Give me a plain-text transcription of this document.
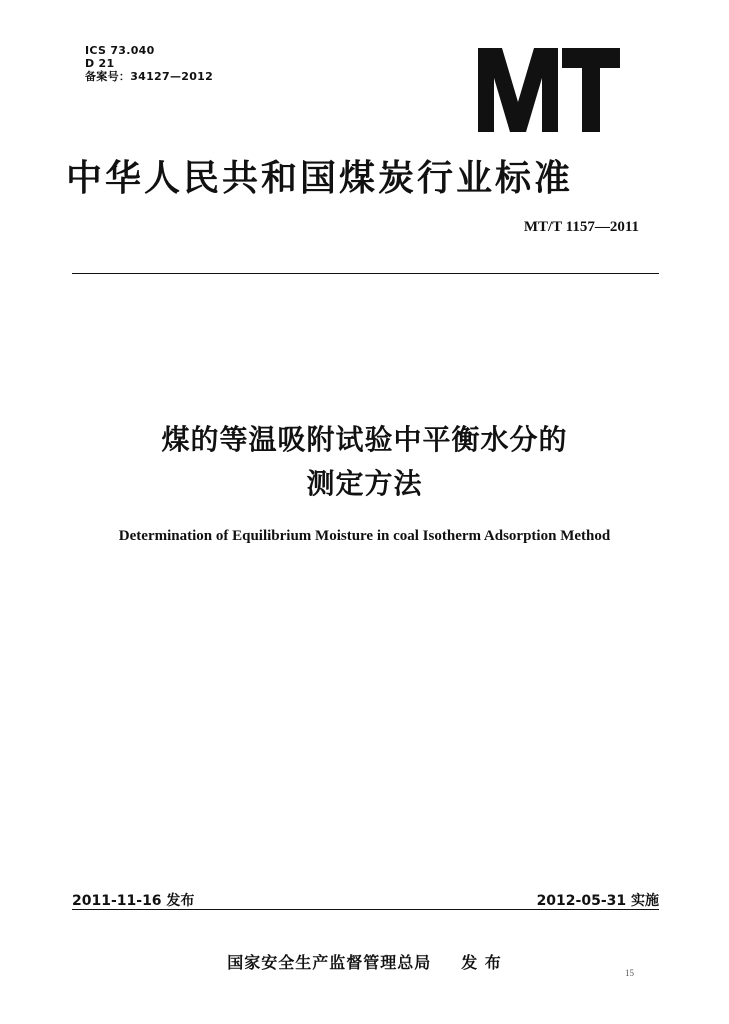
ICS 73.040
D 21
备案号：34127—2012
中华人民共和国煤炭行业标准
MT/T 1157—2011
煤的等温吸附试验中平衡水分的
测定方法
Determination of Equilibrium Moisture in coal Isotherm Adsorption Method
2011-11-16 发布	2012-05-31 实施
国家安全生产监督管理总局 发 布
15
